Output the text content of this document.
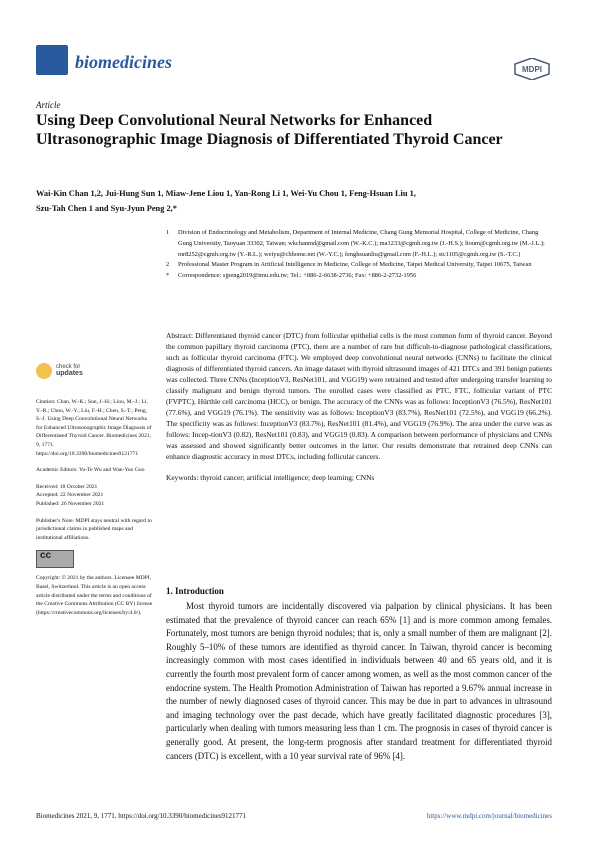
biomedicines	MDPI
Article
Using Deep Convolutional Neural Networks for Enhanced Ultrasonographic Image Diagnosis of Differentiated Thyroid Cancer
Wai-Kin Chan 1,2, Jui-Hung Sun 1, Miaw-Jene Liou 1, Yan-Rong Li 1, Wei-Yu Chou 1, Feng-Hsuan Liu 1,
Szu-Tah Chen 1 and Syu-Jyun Peng 2,*
1 Division of Endocrinology and Metabolism, Department of Internal Medicine, Chang Gung Memorial Hospital, College of Medicine, Chang Gung University, Taoyuan 33302, Taiwan; wkchanmd@gmail.com (W.-K.C.); ma1233@cgmh.org.tw (J.-H.S.); lioum@cgmh.org.tw (M.-J.L.); mr8252@cgmh.org.tw (Y.-R.L.); weiyu@chhome.net (W.-Y.C.); fenghsuanliu@gmail.com (F.-H.L.); stc1105@cgmh.org.tw (S.-T.C.)
2 Professional Master Program in Artificial Intelligence in Medicine, College of Medicine, Taipei Medical University, Taipei 10675, Taiwan
* Correspondence: sjpeng2019@tmu.edu.tw; Tel.: +886-2-6638-2736; Fax: +886-2-2732-1956
check for
updates
Citation: Chan, W.-K.; Sun, J.-H.; Liou, M.-J.; Li, Y.-R.; Chou, W.-Y.; Liu, F.-H.; Chen, S.-T.; Peng, S.-J. Using Deep Convolutional Neural Networks for Enhanced Ultrasonographic Image Diagnosis of Differentiated Thyroid Cancer. Biomedicines 2021, 9, 1771. https://doi.org/10.3390/biomedicines9121771
Academic Editors: Yu-Te Wu and Wan-Yuo Guo
Received: 18 October 2021
Accepted: 22 November 2021
Published: 26 November 2021
Publisher's Note: MDPI stays neutral with regard to jurisdictional claims in published maps and institutional affiliations.
cc
Copyright: © 2021 by the authors. Licensee MDPI, Basel, Switzerland. This article is an open access article distributed under the terms and conditions of the Creative Commons Attribution (CC BY) license (https://creativecommons.org/licenses/by/4.0/).
Abstract: Differentiated thyroid cancer (DTC) from follicular epithelial cells is the most common form of thyroid cancer. Beyond the common papillary thyroid carcinoma (PTC), there are a number of rare but difficult-to-diagnose pathological classifications, such as follicular thyroid carcinoma (FTC). We employed deep convolutional neural networks (CNNs) to facilitate the clinical diagnosis of differentiated thyroid cancers. An image dataset with thyroid ultrasound images of 421 DTCs and 391 benign patients was collected. Three CNNs (InceptionV3, ResNet101, and VGG19) were retrained and tested after undergoing transfer learning to classify malignant and benign thyroid tumors. The enrolled cases were classified as PTC, FTC, follicular variant of PTC (FVPTC), Hürthle cell carcinoma (HCC), or benign. The accuracy of the CNNs was as follows: InceptionV3 (76.5%), ResNet101 (77.6%), and VGG19 (76.1%). The sensitivity was as follows: InceptionV3 (83.7%), ResNet101 (72.5%), and VGG19 (66.2%). The specificity was as follows: InceptionV3 (83.7%), ResNet101 (81.4%), and VGG19 (76.9%). The area under the curve was as follows: Incep-tionV3 (0.82), ResNet101 (0.83), and VGG19 (0.83). A comparison between performance of physicians and CNNs was assessed and showed significantly better outcomes in the latter. Our results demonstrate that retrained deep CNNs can enhance diagnostic accuracy in most DTCs, including follicular cancers.
Keywords: thyroid cancer; artificial intelligence; deep learning; CNNs
1. Introduction

Most thyroid tumors are incidentally discovered via palpation by clinical physicians. It has been estimated that the prevalence of thyroid cancer can reach 65% [1] and is more common among females. Fortunately, most tumors are benign thyroid nodules; that is, only a small number of them are malignant [2]. Roughly 5–10% of these tumors are identified as thyroid cancer. In Taiwan, thyroid cancer is becoming increasingly common with most cases identified in individuals between 40 and 65 years old, and it is currently the fourth most prevalent form of cancer among women, as well as the most common cancer of the endocrine system. The Health Promotion Administration of Taiwan has reported a 9.67% annual increase in the number of newly diagnosed cases of thyroid cancer. This may be due in part to advances in ultrasound and imaging technology over the past decade, which have greatly facilitated diagnostic procedures [3], particularly when dealing with tumors measuring less than 1 cm. The prognosis in cases of thyroid cancer is generally good. At present, the long-term prognosis after standard treatment for differentiated thyroid cancers (DTC) is excellent, with a 10 year survival rate of 96% [4].

Biomedicines 2021, 9, 1771. https://doi.org/10.3390/biomedicines9121771	https://www.mdpi.com/journal/biomedicines
